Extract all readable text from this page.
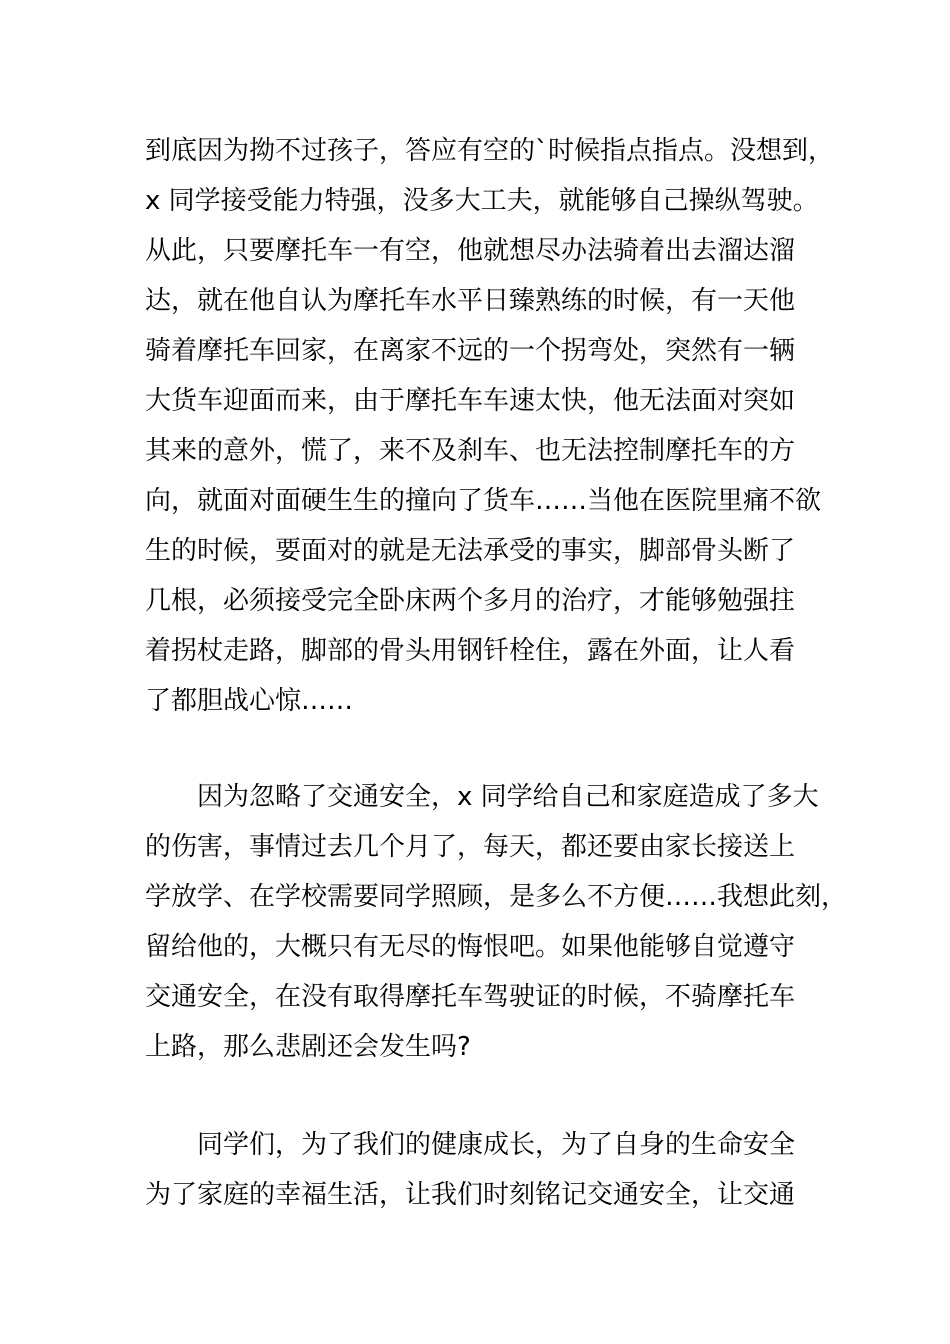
到底因为拗不过孩子，答应有空的`时候指点指点。没想到，
x 同学接受能力特强，没多大工夫，就能够自己操纵驾驶。
从此，只要摩托车一有空，他就想尽办法骑着出去溜达溜
达，就在他自认为摩托车水平日臻熟练的时候，有一天他
骑着摩托车回家，在离家不远的一个拐弯处，突然有一辆
大货车迎面而来，由于摩托车车速太快，他无法面对突如
其来的意外，慌了，来不及刹车、也无法控制摩托车的方
向，就面对面硬生生的撞向了货车……当他在医院里痛不欲
生的时候，要面对的就是无法承受的事实，脚部骨头断了
几根，必须接受完全卧床两个多月的治疗，才能够勉强拄
着拐杖走路，脚部的骨头用钢钎栓住，露在外面，让人看
了都胆战心惊……
因为忽略了交通安全，x 同学给自己和家庭造成了多大
的伤害，事情过去几个月了，每天，都还要由家长接送上
学放学、在学校需要同学照顾，是多么不方便……我想此刻，
留给他的，大概只有无尽的悔恨吧。如果他能够自觉遵守
交通安全，在没有取得摩托车驾驶证的时候，不骑摩托车
上路，那么悲剧还会发生吗?
同学们，为了我们的健康成长，为了自身的生命安全
为了家庭的幸福生活，让我们时刻铭记交通安全，让交通
